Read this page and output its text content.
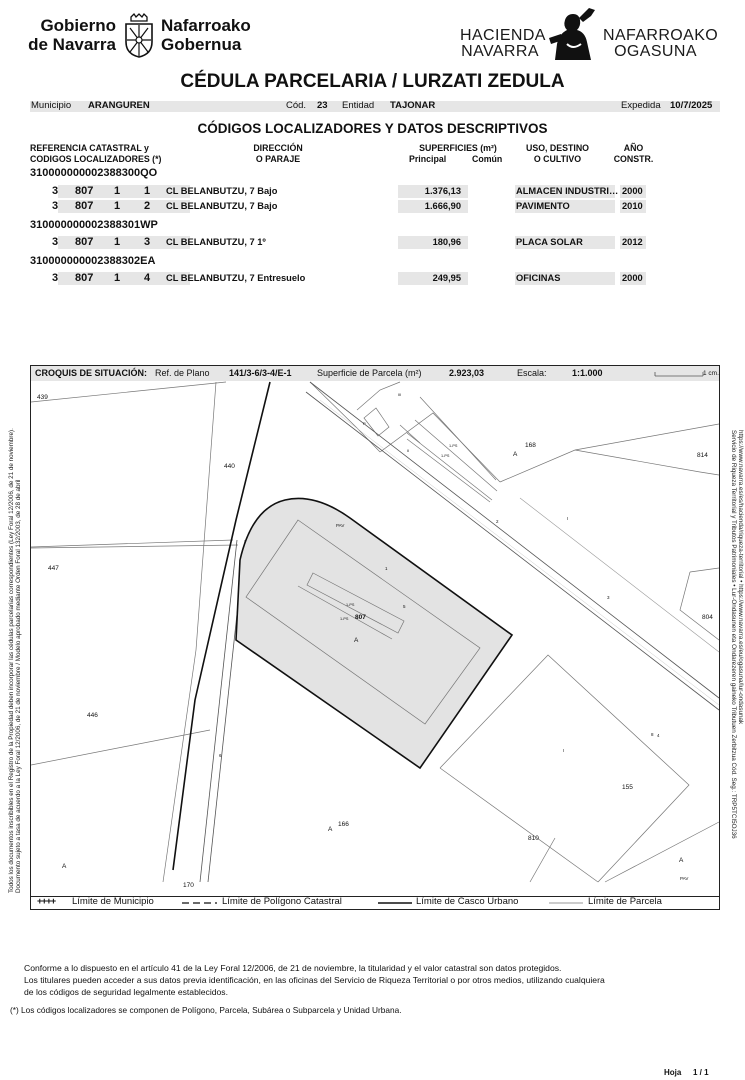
Gobierno
de Navarra
Nafarroako
Gobernua	HACIENDA
NAVARRA
NAFARROAKO
OGASUNA
CÉDULA PARCELARIA / LURZATI ZEDULA
Municipio ARANGUREN	Cód. 23 Entidad TAJONAR	Expedida 10/7/2025
CÓDIGOS LOCALIZADORES Y DATOS DESCRIPTIVOS
REFERENCIA CATASTRAL y
CODIGOS LOCALIZADORES (*)
DIRECCIÓN
O PARAJE
SUPERFICIES (m²)
Principal	Común
USO, DESTINO
O CULTIVO
AÑO
CONSTR.
310000000002388300QO
3 807 1 1 CL BELANBUTZU, 7 Bajo	1.376,13	ALMACEN INDUSTRI… 2000
3 807 1 2 CL BELANBUTZU, 7 Bajo	1.666,90	PAVIMENTO	2010
310000000002388301WP
3 807 1 3 CL BELANBUTZU, 7 1º	180,96	PLACA SOLAR	2012
310000000002388302EA
3 807 1 4 CL BELANBUTZU, 7 Entresuelo	249,95	OFICINAS	2000
CROQUIS DE SITUACIÓN: Ref. de Plano 141/3-6/3-4/E-1	Superficie de Parcela (m²)	2.923,03	Escala:	1:1.000	1 cm.
439
440
447
446
170
166
810
155
804
814
168
807
A
A
A
A
A
PAV
PAV
I
I
III
II
P
1-PS
1-PS
1-PS
1-PS
1
2
3
4
6
8
5
++++ Límite de Municipio	Límite de Polígono Catastral	Límite de Casco Urbano	Límite de Parcela
Todos los documentos inscribibles en el Registro de la Propiedad deben incorporar las cédulas parcelarias correspondientes (Ley Foral 12/2006, de 21 de noviembre). Documento sujeto a tasa de acuerdo a la Ley Foral 12/2006, de 21 de noviembre / Modelo aprobado mediante Orden Foral 132/2003, de 28 de abril	Servicio de Riqueza Territorial y Tributos Patrimoniales • Lur-Ondasunen eta Ondarezeren gaineko Tributuen Zerbitzua Cód. Seg.: TRP5TCI5OJ36 https://www.navarra.es/es/hacienda/riqueza-territorial • https://www.navarra.es/eu/ogasuna/lur-ondasunak
Conforme a lo dispuesto en el artículo 41 de la Ley Foral 12/2006, de 21 de noviembre, la titularidad y el valor catastral son datos protegidos.
Los titulares pueden acceder a sus datos previa identificación, en las oficinas del Servicio de Riqueza Territorial o por otros medios, utilizando cualquiera
de los códigos de seguridad legalmente establecidos.
(*) Los códigos localizadores se componen de Polígono, Parcela, Subárea o Subparcela y Unidad Urbana.
Hoja 1 / 1
